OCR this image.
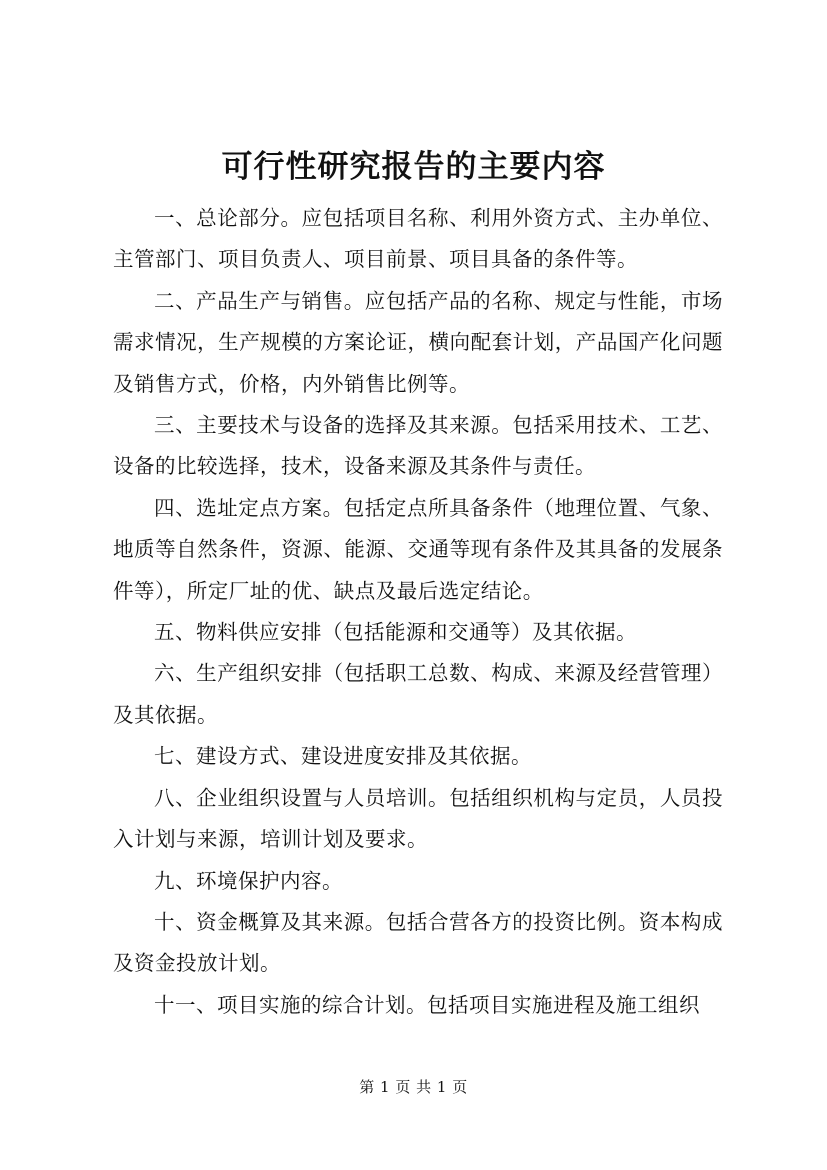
可行性研究报告的主要内容

一、总论部分。应包括项目名称、利用外资方式、主办单位、主管部门、项目负责人、项目前景、项目具备的条件等。

二、产品生产与销售。应包括产品的名称、规定与性能，市场需求情况，生产规模的方案论证，横向配套计划，产品国产化问题及销售方式，价格，内外销售比例等。

三、主要技术与设备的选择及其来源。包括采用技术、工艺、设备的比较选择，技术，设备来源及其条件与责任。

四、选址定点方案。包括定点所具备条件（地理位置、气象、地质等自然条件，资源、能源、交通等现有条件及其具备的发展条件等），所定厂址的优、缺点及最后选定结论。

五、物料供应安排（包括能源和交通等）及其依据。

六、生产组织安排（包括职工总数、构成、来源及经营管理）及其依据。

七、建设方式、建设进度安排及其依据。

八、企业组织设置与人员培训。包括组织机构与定员，人员投入计划与来源，培训计划及要求。

九、环境保护内容。

十、资金概算及其来源。包括合营各方的投资比例。资本构成及资金投放计划。

十一、项目实施的综合计划。包括项目实施进程及施工组织

第 1 页 共 1 页
